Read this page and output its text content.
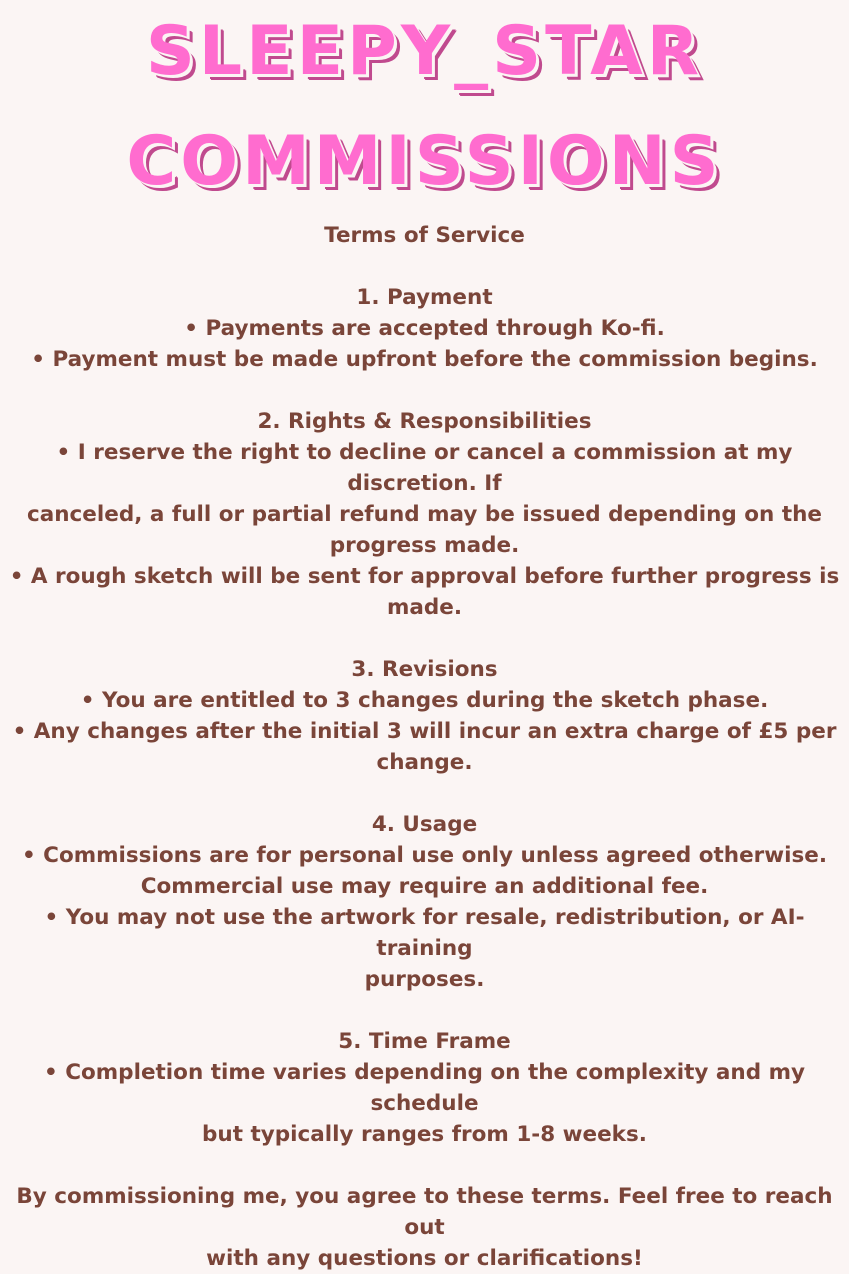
SLEEPY_STAR
COMMISSIONS

Terms of Service

1. Payment

• Payments are accepted through Ko-fi.

• Payment must be made upfront before the commission begins.

2. Rights & Responsibilities

• I reserve the right to decline or cancel a commission at my discretion. If

canceled, a full or partial refund may be issued depending on the

progress made.

• A rough sketch will be sent for approval before further progress is

made.

3. Revisions

• You are entitled to 3 changes during the sketch phase.

• Any changes after the initial 3 will incur an extra charge of £5 per

change.

4. Usage

• Commissions are for personal use only unless agreed otherwise.

Commercial use may require an additional fee.

• You may not use the artwork for resale, redistribution, or AI-training

purposes.

5. Time Frame

• Completion time varies depending on the complexity and my schedule

but typically ranges from 1-8 weeks.

By commissioning me, you agree to these terms. Feel free to reach out

with any questions or clarifications!
